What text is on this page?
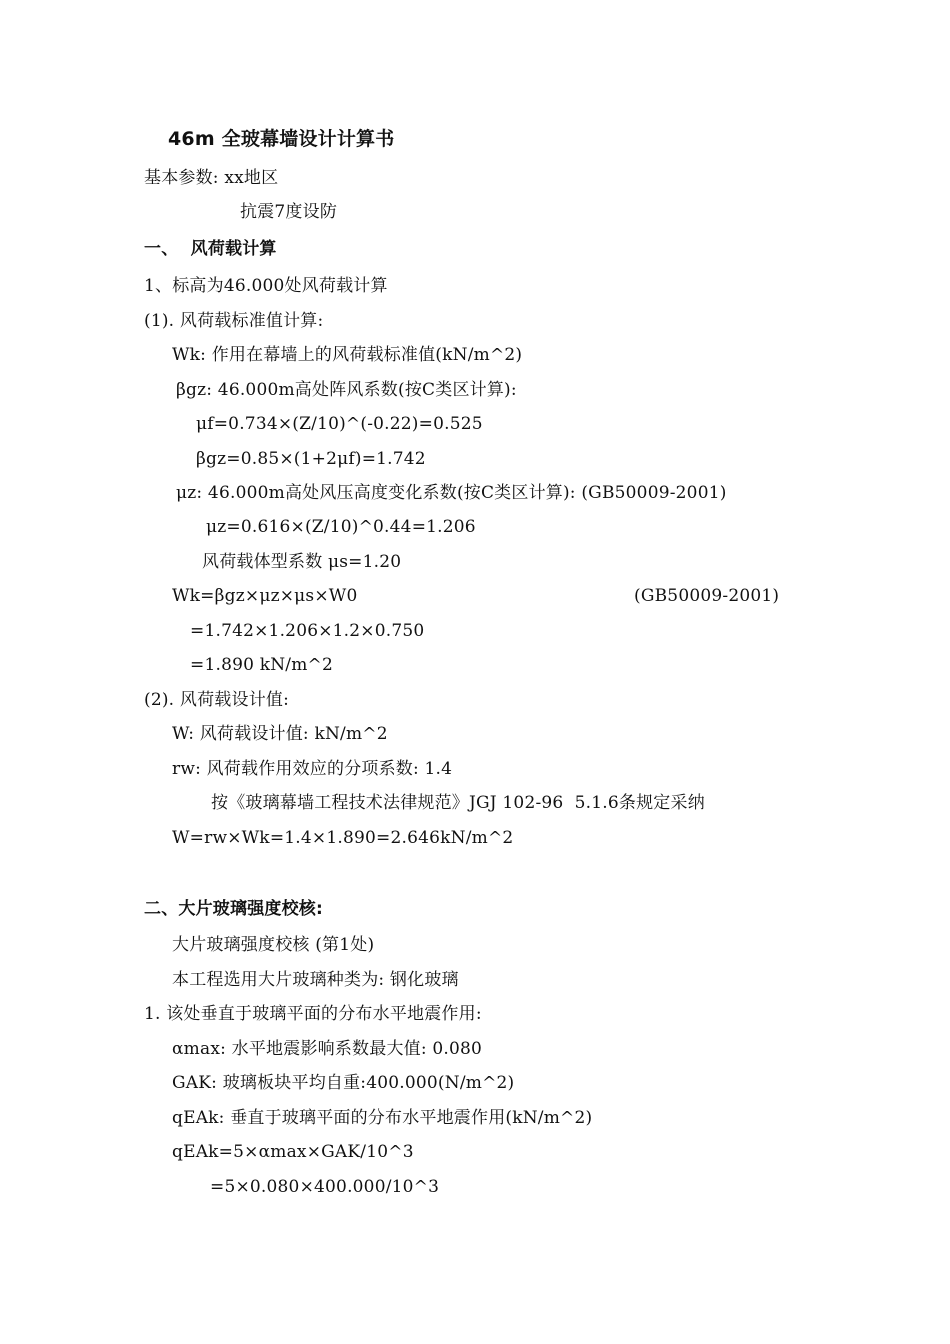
46m 全玻幕墙设计计算书
基本参数: xx地区
抗震7度设防
一、  风荷载计算
1、标高为46.000处风荷载计算
(1). 风荷载标准值计算:
Wk: 作用在幕墙上的风荷载标准值(kN/m^2)
βgz: 46.000m高处阵风系数(按C类区计算):
μf=0.734×(Z/10)^(-0.22)=0.525
βgz=0.85×(1+2μf)=1.742
μz: 46.000m高处风压高度变化系数(按C类区计算): (GB50009-2001)
μz=0.616×(Z/10)^0.44=1.206
风荷载体型系数 μs=1.20
Wk=βgz×μz×μs×W0	(GB50009-2001)
=1.742×1.206×1.2×0.750
=1.890 kN/m^2
(2). 风荷载设计值:
W: 风荷载设计值: kN/m^2
rw: 风荷载作用效应的分项系数: 1.4
按《玻璃幕墙工程技术法律规范》JGJ 102-96  5.1.6条规定采纳
W=rw×Wk=1.4×1.890=2.646kN/m^2
二、大片玻璃强度校核:
大片玻璃强度校核 (第1处)
本工程选用大片玻璃种类为: 钢化玻璃
1. 该处垂直于玻璃平面的分布水平地震作用:
αmax: 水平地震影响系数最大值: 0.080
GAK: 玻璃板块平均自重:400.000(N/m^2)
qEAk: 垂直于玻璃平面的分布水平地震作用(kN/m^2)
qEAk=5×αmax×GAK/10^3
=5×0.080×400.000/10^3
